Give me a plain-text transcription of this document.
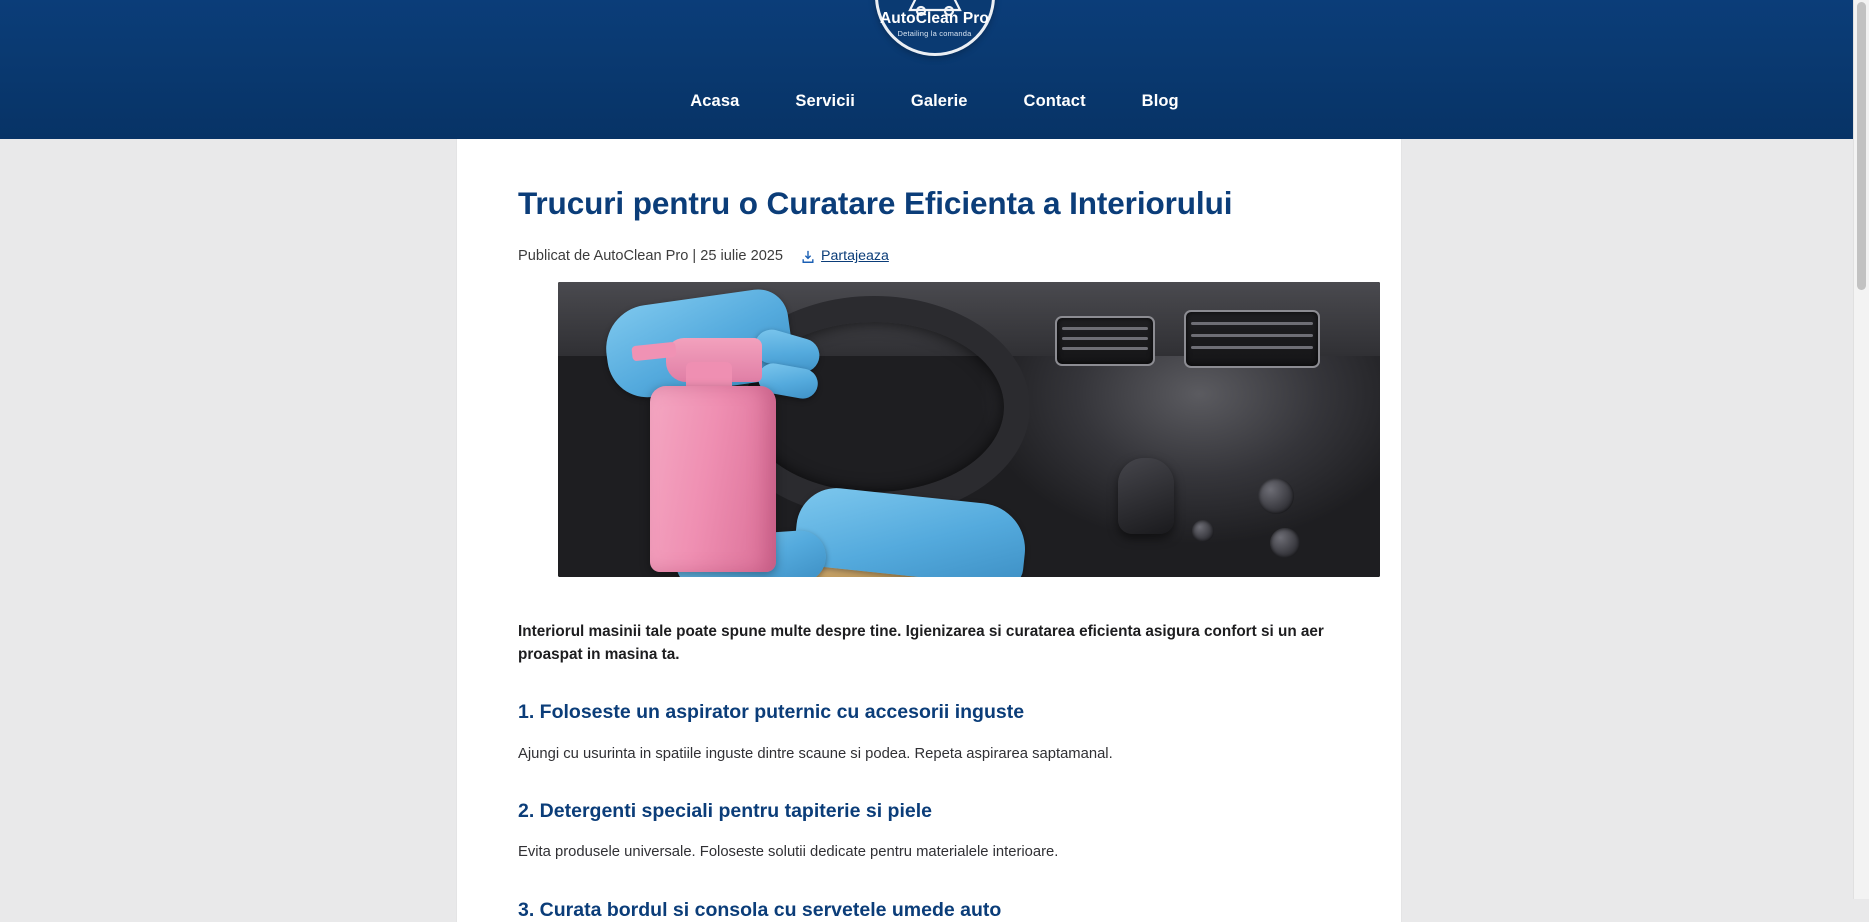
AutoClean Pro
Detailing la comanda
Acasa	Servicii	Galerie	Contact	Blog
Trucuri pentru o Curatare Eficienta a Interiorului
Publicat de AutoClean Pro | 25 iulie 2025	Partajeaza

Interiorul masinii tale poate spune multe despre tine. Igienizarea si curatarea eficienta asigura confort si un aer proaspat in masina ta.

1. Foloseste un aspirator puternic cu accesorii inguste

Ajungi cu usurinta in spatiile inguste dintre scaune si podea. Repeta aspirarea saptamanal.

2. Detergenti speciali pentru tapiterie si piele

Evita produsele universale. Foloseste solutii dedicate pentru materialele interioare.

3. Curata bordul si consola cu servetele umede auto
